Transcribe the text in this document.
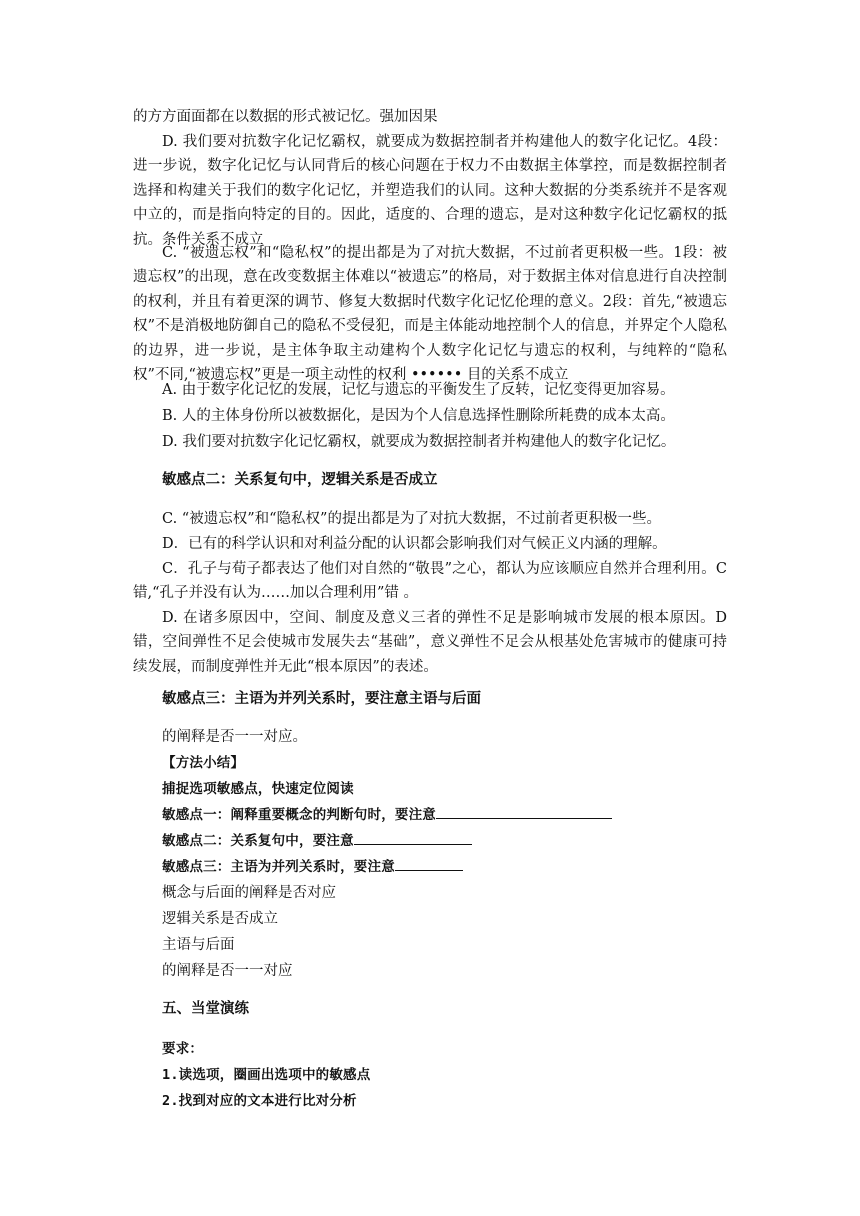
的方方面面都在以数据的形式被记忆。强加因果

D. 我们要对抗数字化记忆霸权，就要成为数据控制者并构建他人的数字化记忆。4段：进一步说，数字化记忆与认同背后的核心问题在于权力不由数据主体掌控，而是数据控制者选择和构建关于我们的数字化记忆，并塑造我们的认同。这种大数据的分类系统并不是客观中立的，而是指向特定的目的。因此，适度的、合理的遗忘，是对这种数字化记忆霸权的抵抗。条件关系不成立

C. “被遗忘权”和“隐私权”的提出都是为了对抗大数据，不过前者更积极一些。1段：被遗忘权”的出现，意在改变数据主体难以“被遗忘”的格局，对于数据主体对信息进行自决控制的权利，并且有着更深的调节、修复大数据时代数字化记忆伦理的意义。2段：首先,“被遗忘权”不是消极地防御自己的隐私不受侵犯，而是主体能动地控制个人的信息，并界定个人隐私的边界，进一步说，是主体争取主动建构个人数字化记忆与遗忘的权利，与纯粹的“隐私权”不同,“被遗忘权”更是一项主动性的权利 •••••• 目的关系不成立

A. 由于数字化记忆的发展，记忆与遗忘的平衡发生了反转，记忆变得更加容易。

B. 人的主体身份所以被数据化，是因为个人信息选择性删除所耗费的成本太高。

D. 我们要对抗数字化记忆霸权，就要成为数据控制者并构建他人的数字化记忆。

敏感点二：关系复句中，逻辑关系是否成立

C. “被遗忘权”和“隐私权”的提出都是为了对抗大数据，不过前者更积极一些。

D．已有的科学认识和对利益分配的认识都会影响我们对气候正义内涵的理解。

C．孔子与荀子都表达了他们对自然的“敬畏”之心，都认为应该顺应自然并合理利用。C错,“孔子并没有认为……加以合理利用”错 。

D. 在诸多原因中，空间、制度及意义三者的弹性不足是影响城市发展的根本原因。D错，空间弹性不足会使城市发展失去“基础”，意义弹性不足会从根基处危害城市的健康可持续发展，而制度弹性并无此“根本原因”的表述。

敏感点三：主语为并列关系时，要注意主语与后面

的阐释是否一一对应。

【方法小结】

捕捉选项敏感点，快速定位阅读

敏感点一：阐释重要概念的判断句时，要注意

敏感点二：关系复句中，要注意

敏感点三：主语为并列关系时，要注意

概念与后面的阐释是否对应

逻辑关系是否成立

主语与后面

的阐释是否一一对应

五、当堂演练

要求：

1.读选项，圈画出选项中的敏感点

2.找到对应的文本进行比对分析
